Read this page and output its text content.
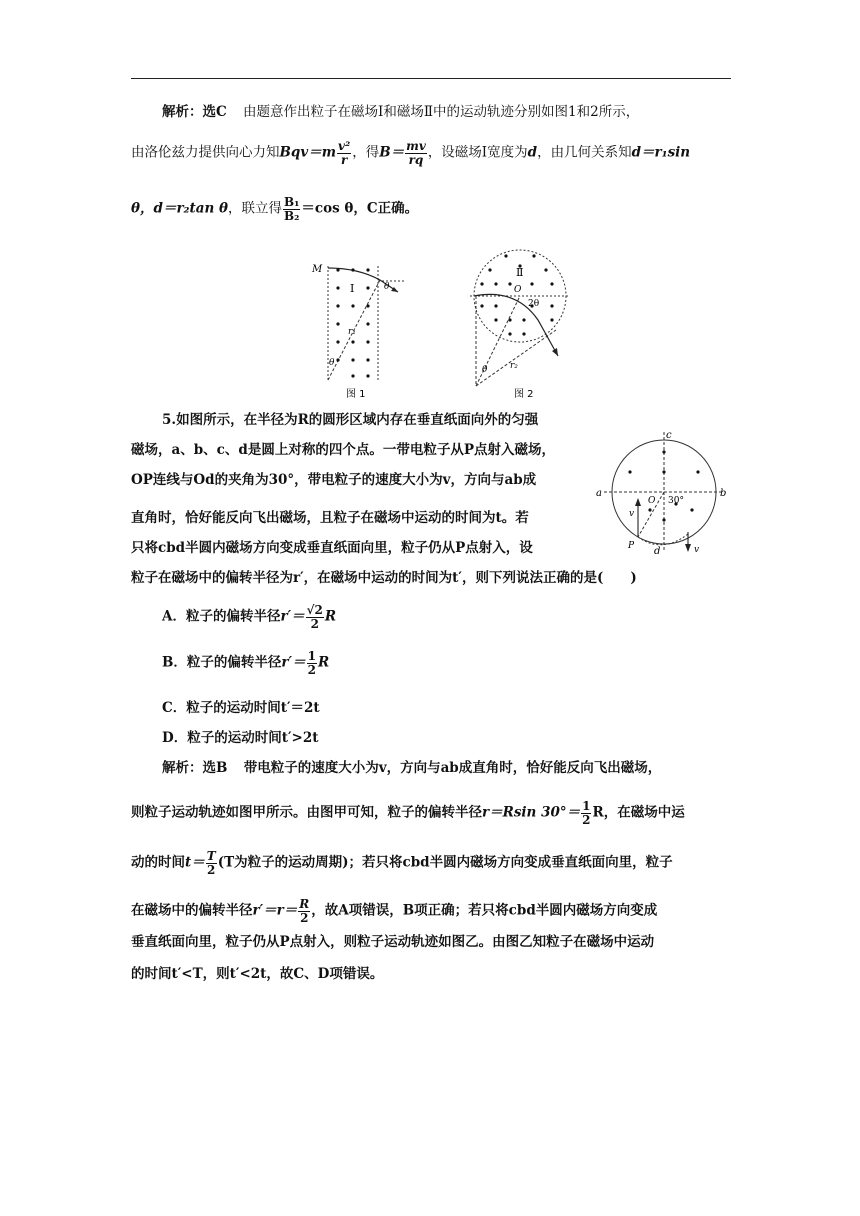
解析：选C 由题意作出粒子在磁场Ⅰ和磁场Ⅱ中的运动轨迹分别如图1和2所示，
由洛伦兹力提供向心力知$Bqv=m \frac{\text{v²}}{r}$ ，得$B= \frac{mv}{rq}$ ，设磁场Ⅰ宽度为d，由几何关系知d＝r₁sin
θ，d＝r₂tan θ，联立得 $\frac{\text{B₁}}{\text{B₂}} =\cos$ θ，C正确。
M
Ⅰ
r₁
θ
θ
图 1
Ⅱ
O
2θ
r₂
θ
图 2
5.如图所示，在半径为R的圆形区域内存在垂直纸面向外的匀强
磁场，a、b、c、d是圆上对称的四个点。一带电粒子从P点射入磁场，
OP连线与Od的夹角为30°，带电粒子的速度大小为v，方向与ab成
直角时，恰好能反向飞出磁场，且粒子在磁场中运动的时间为t。若
只将cbd半圆内磁场方向变成垂直纸面向里，粒子仍从P点射入，设
粒子在磁场中的偏转半径为r′，在磁场中运动的时间为t′，则下列说法正确的是(　　)
a	b
c
d
O 30°
P
v
v
A．粒子的偏转半径$r'= \frac{√2}{2}$ R
B．粒子的偏转半径$r'= \frac{1}{2}$ R
C．粒子的运动时间t′＝2t
D．粒子的运动时间t′>2t
解析：选B 带电粒子的速度大小为v，方向与ab成直角时，恰好能反向飞出磁场，
则粒子运动轨迹如图甲所示。由图甲可知，粒子的偏转半径r＝Rsin $30^\circ= \frac{1}{2}$ R，在磁场中运
动的时间$t= \frac{T}{2} (T$为粒子的运动周期)；若只将cbd半圆内磁场方向变成垂直纸面向里，粒子
在磁场中的偏转半径$r'=r= \frac{R}{2}$ ，故A项错误，B项正确；若只将cbd半圆内磁场方向变成
垂直纸面向里，粒子仍从P点射入，则粒子运动轨迹如图乙。由图乙知粒子在磁场中运动
的时间t′<T，则t′<2t，故C、D项错误。
